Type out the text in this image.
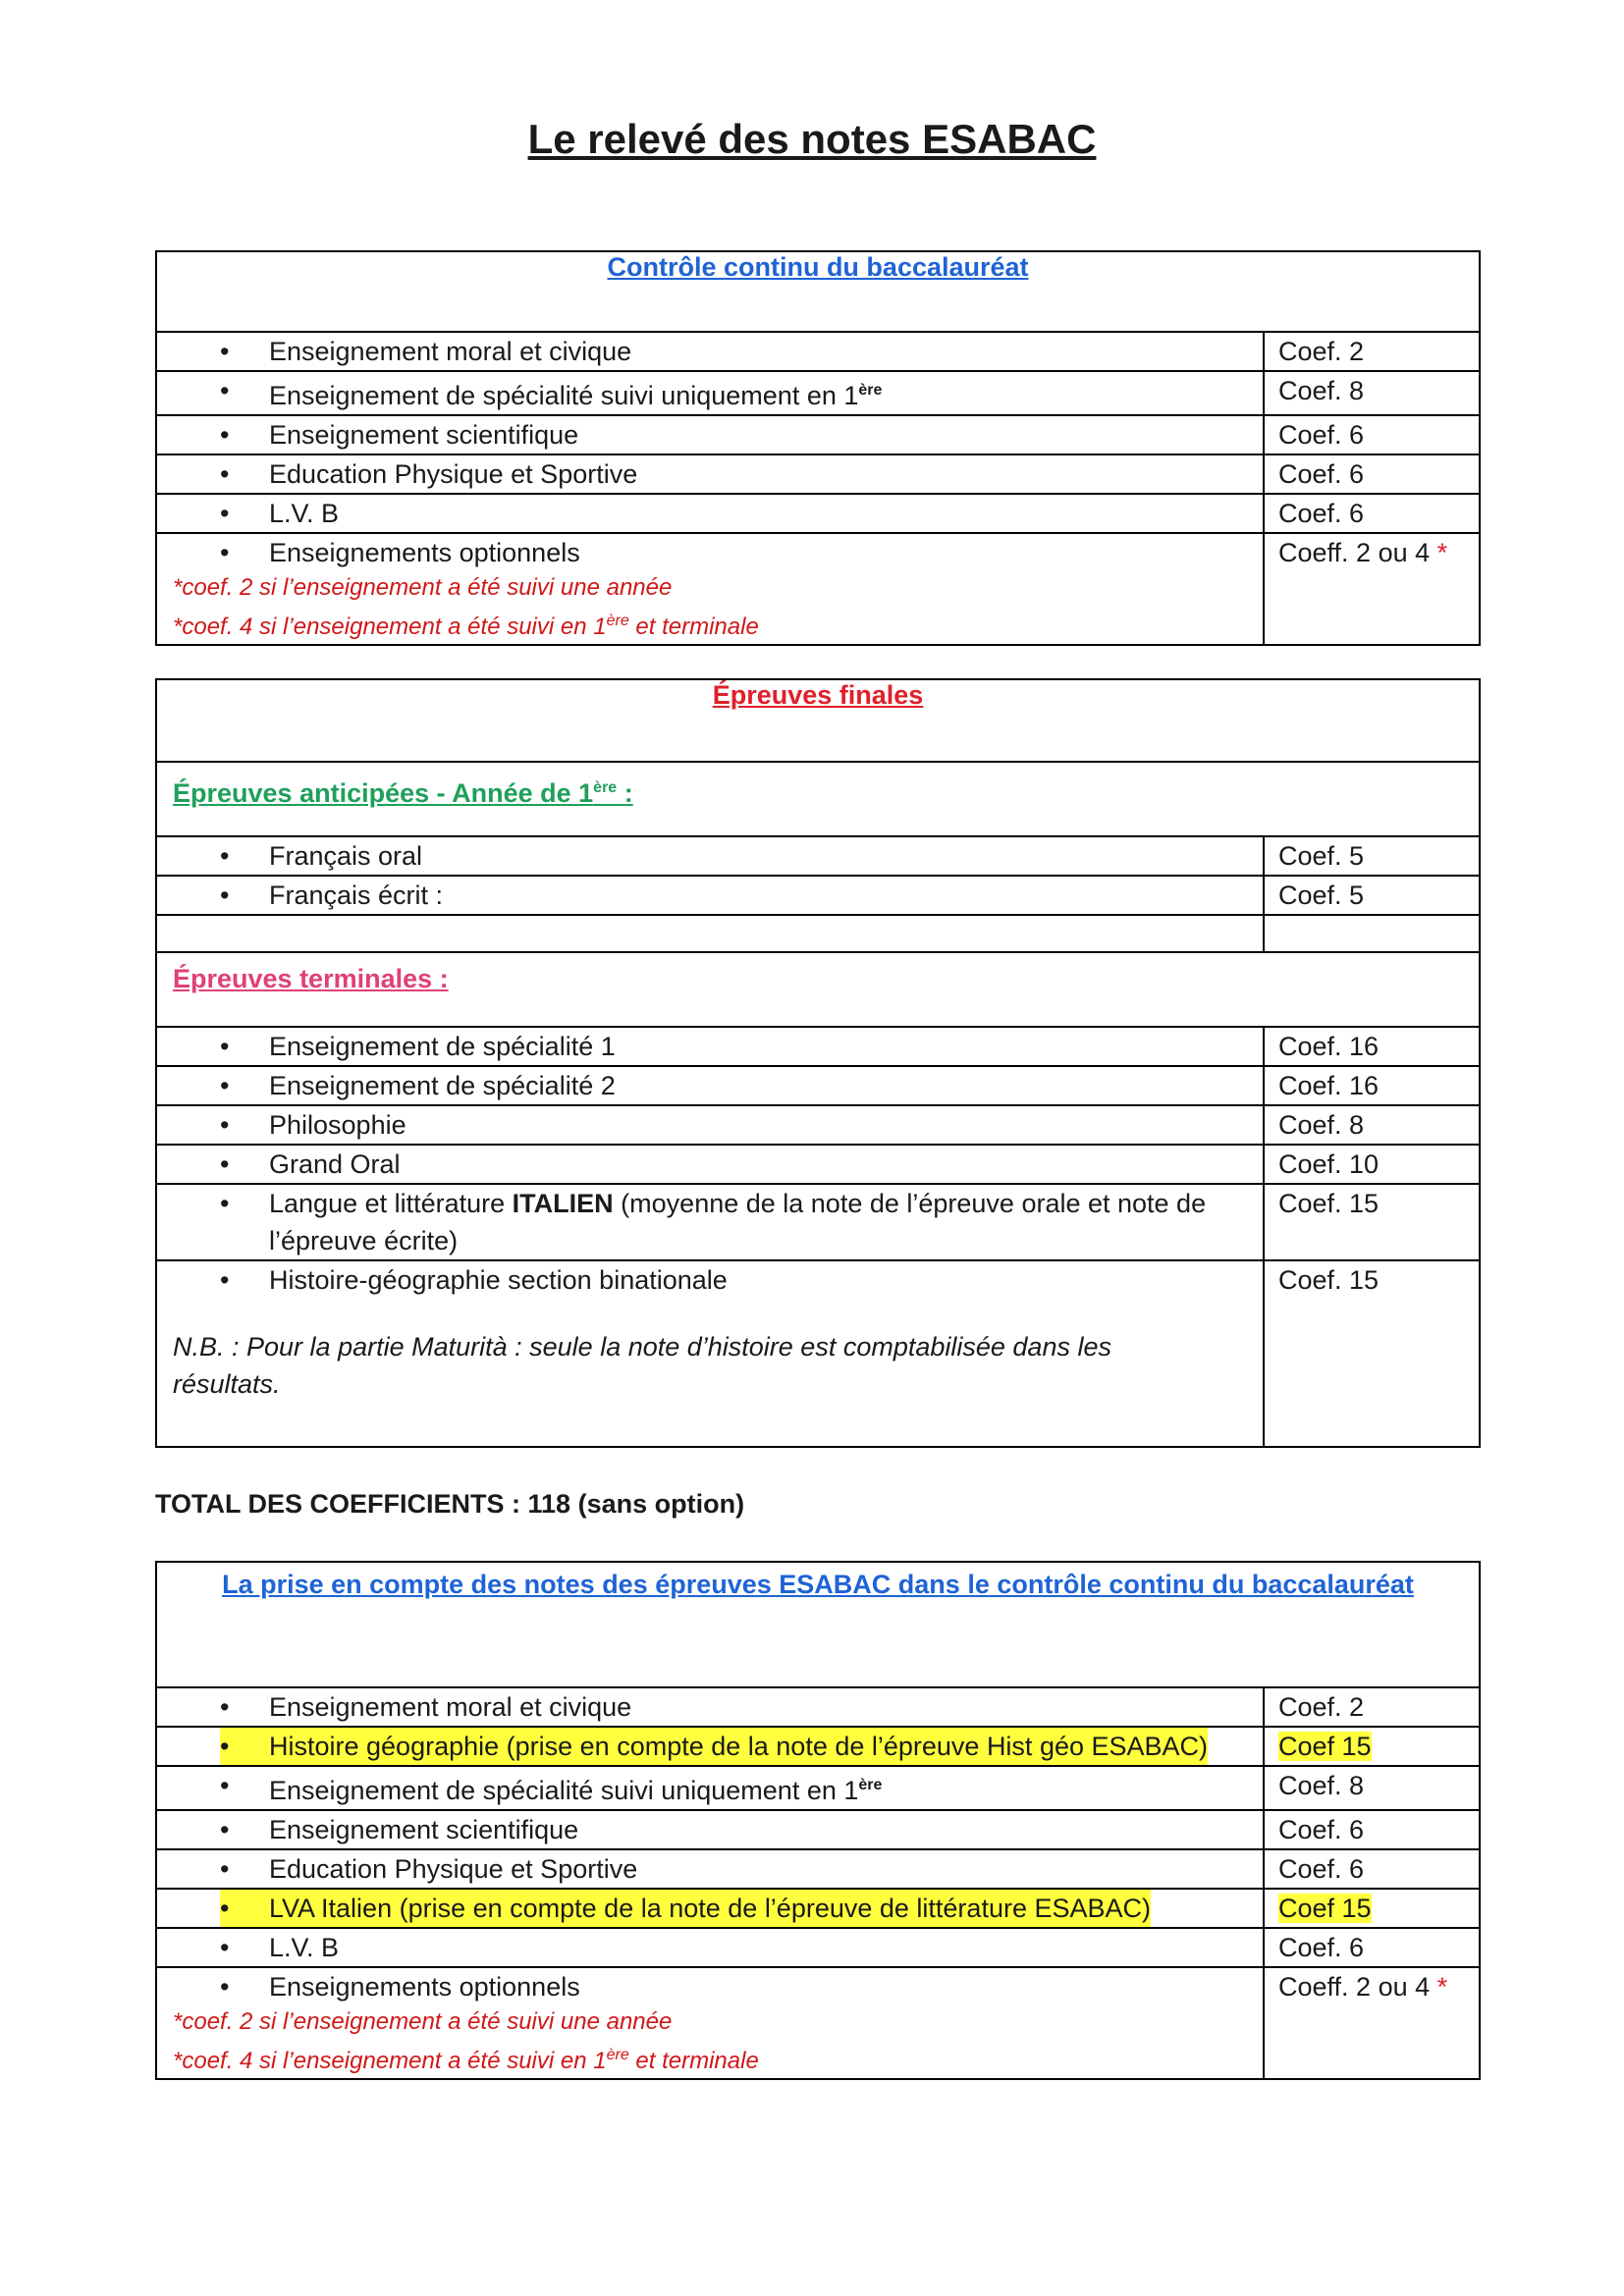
Le relevé des notes ESABAC
Contrôle continu du baccalauréat	

• Enseignement moral et civique	Coef. 2

• Enseignement de spécialité suivi uniquement en 1ère	Coef. 8

• Enseignement scientifique	Coef. 6

• Education Physique et Sportive	Coef. 6

• L.V. B	Coef. 6

• Enseignements optionnels
*coef. 2 si l’enseignement a été suivi une année
*coef. 4 si l’enseignement a été suivi en 1ère et terminale	Coeff. 2 ou 4 *
Épreuves finales	
Épreuves anticipées - Année de 1ère :	

• Français oral	Coef. 5

• Français écrit :	Coef. 5

Épreuves terminales :	

• Enseignement de spécialité 1	Coef. 16

• Enseignement de spécialité 2	Coef. 16

• Philosophie	Coef. 8

• Grand Oral	Coef. 10

• Langue et littérature ITALIEN (moyenne de la note de l’épreuve orale et note de l’épreuve écrite)	Coef. 15

• Histoire-géographie section binationale
N.B. : Pour la partie Maturità : seule la note d’histoire est comptabilisée dans les résultats.	Coef. 15
TOTAL DES COEFFICIENTS : 118 (sans option)
La prise en compte des notes des épreuves ESABAC dans le contrôle continu du baccalauréat	

• Enseignement moral et civique	Coef. 2

• Histoire géographie (prise en compte de la note de l’épreuve Hist géo ESABAC)	Coef 15

• Enseignement de spécialité suivi uniquement en 1ère	Coef. 8

• Enseignement scientifique	Coef. 6

• Education Physique et Sportive	Coef. 6

• LVA Italien (prise en compte de la note de l’épreuve de littérature ESABAC)	Coef 15

• L.V. B	Coef. 6

• Enseignements optionnels
*coef. 2 si l’enseignement a été suivi une année
*coef. 4 si l’enseignement a été suivi en 1ère et terminale	Coeff. 2 ou 4 *
